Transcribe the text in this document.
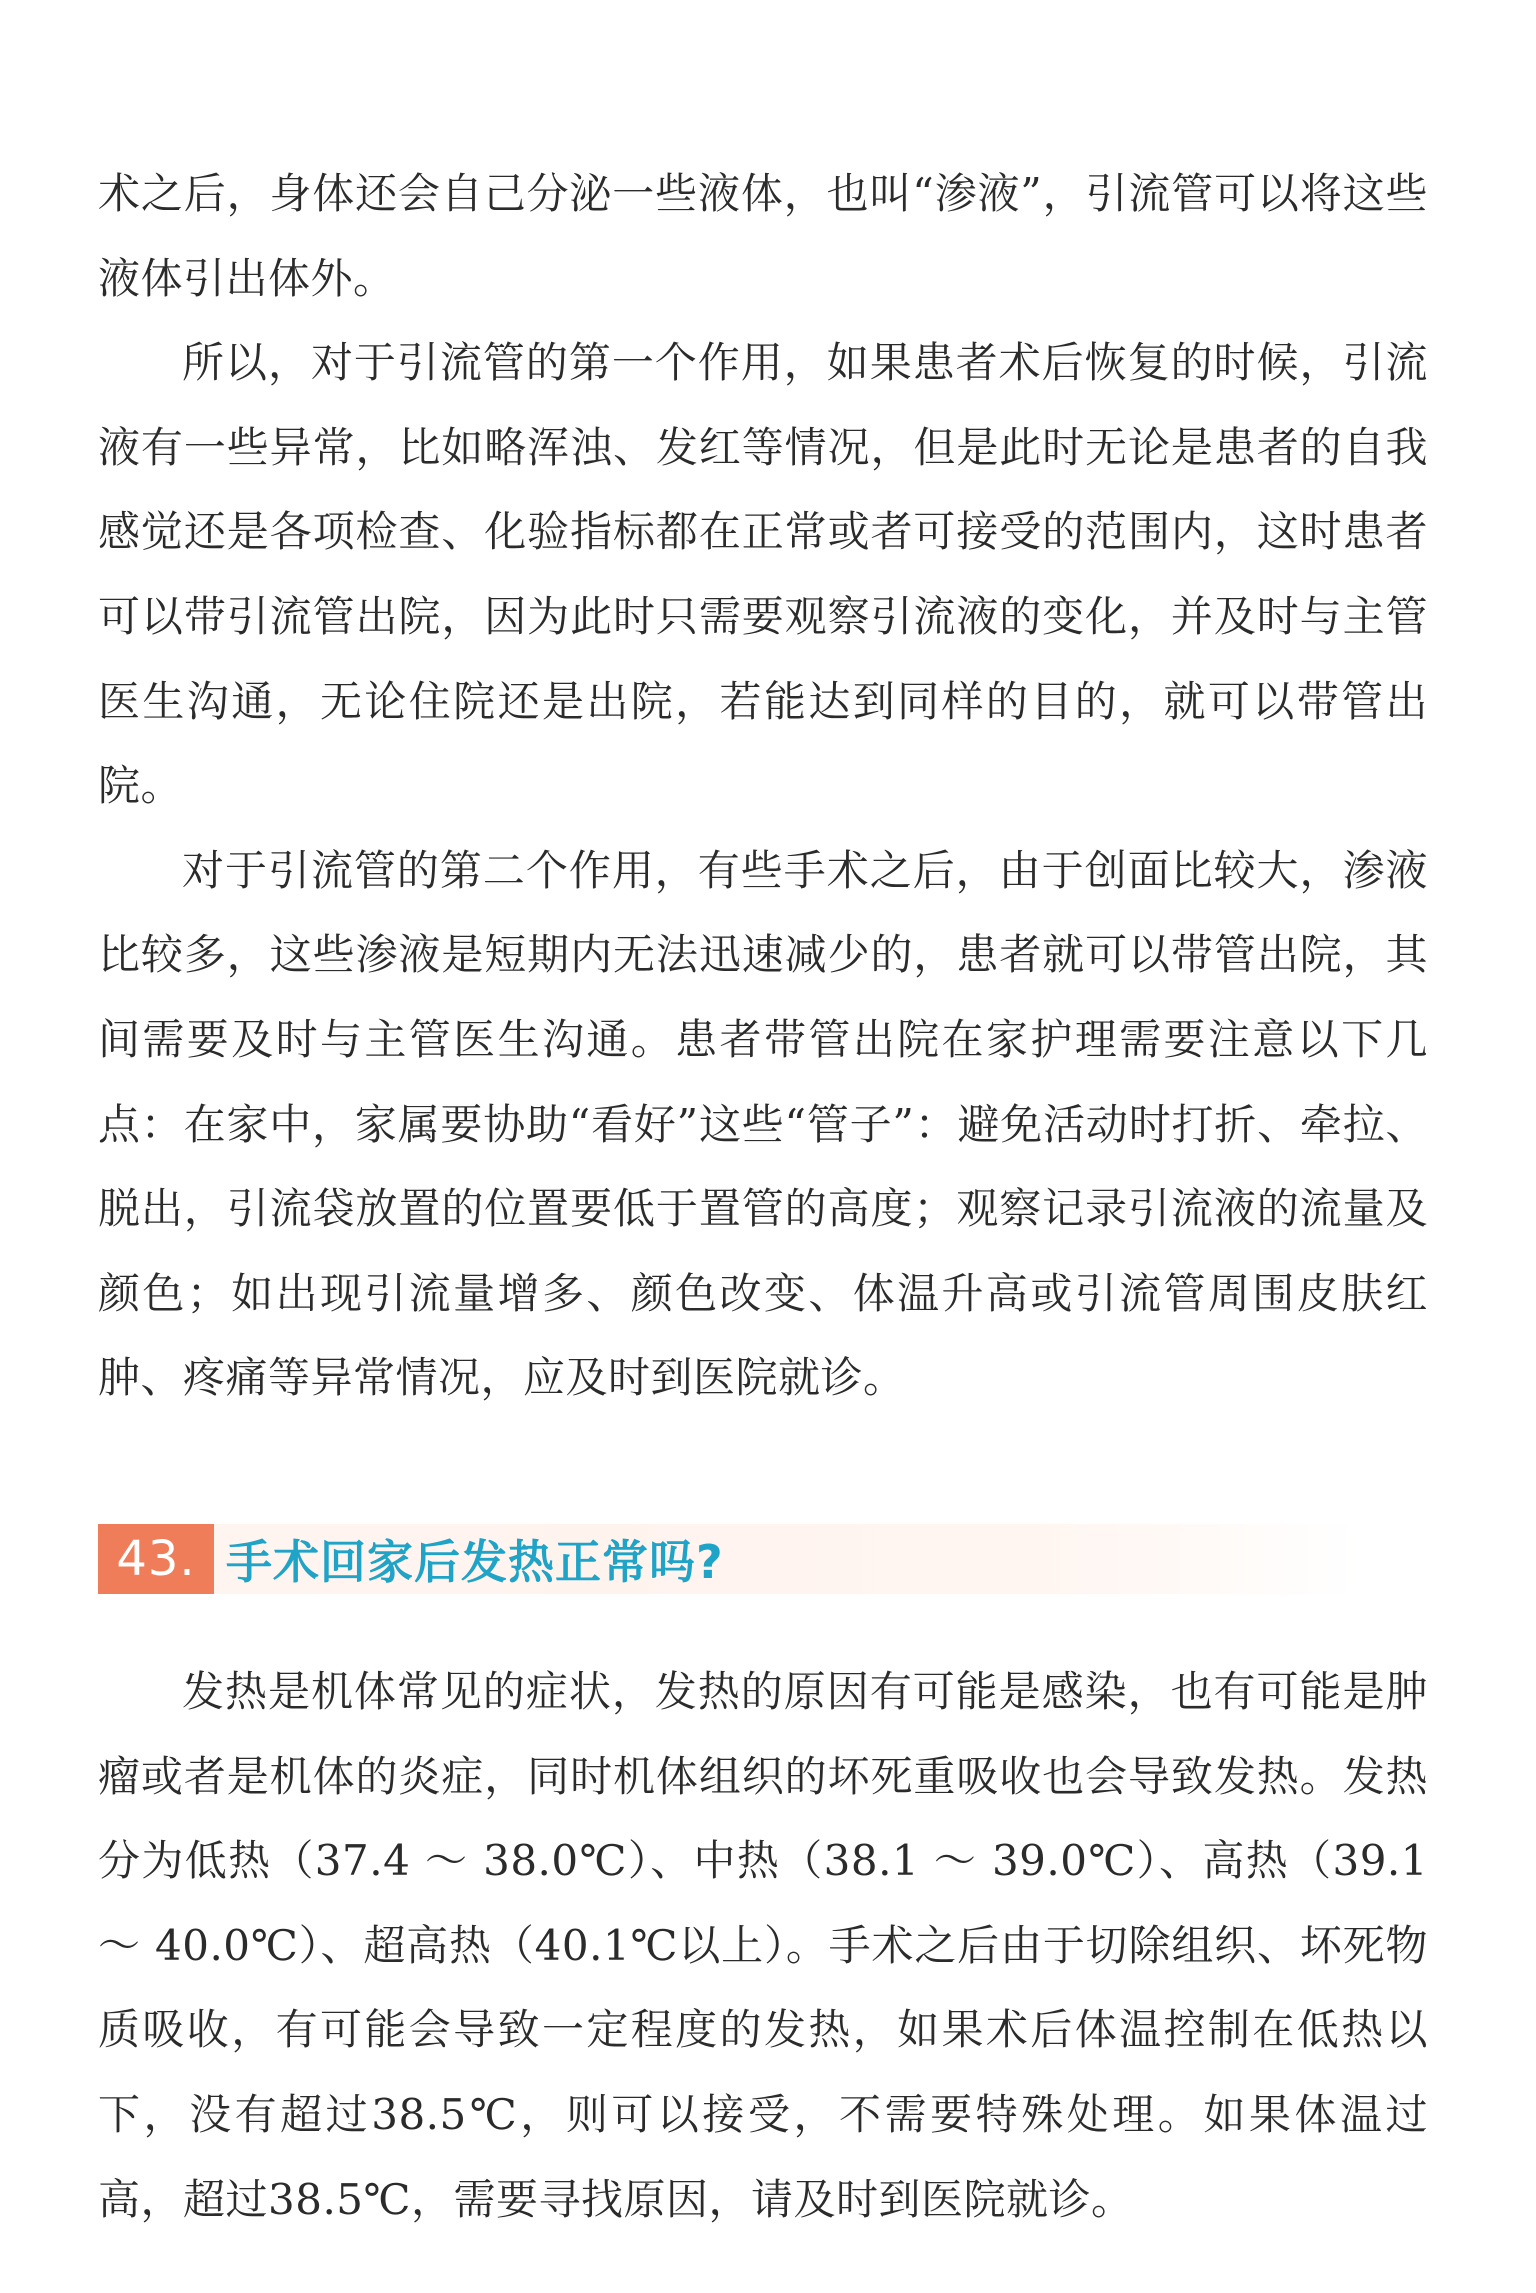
术之后，身体还会自己分泌一些液体，也叫“渗液”，引流管可以将这些液体引出体外。

所以，对于引流管的第一个作用，如果患者术后恢复的时候，引流液有一些异常，比如略浑浊、发红等情况，但是此时无论是患者的自我感觉还是各项检查、化验指标都在正常或者可接受的范围内，这时患者可以带引流管出院，因为此时只需要观察引流液的变化，并及时与主管医生沟通，无论住院还是出院，若能达到同样的目的，就可以带管出院。

对于引流管的第二个作用，有些手术之后，由于创面比较大，渗液比较多，这些渗液是短期内无法迅速减少的，患者就可以带管出院，其间需要及时与主管医生沟通。患者带管出院在家护理需要注意以下几点：在家中，家属要协助“看好”这些“管子”：避免活动时打折、牵拉、脱出，引流袋放置的位置要低于置管的高度；观察记录引流液的流量及颜色；如出现引流量增多、颜色改变、体温升高或引流管周围皮肤红肿、疼痛等异常情况，应及时到医院就诊。

43. 手术回家后发热正常吗?

发热是机体常见的症状，发热的原因有可能是感染，也有可能是肿瘤或者是机体的炎症，同时机体组织的坏死重吸收也会导致发热。发热分为低热（37.4 ～ 38.0℃）、中热（38.1 ～ 39.0℃）、高热（39.1 ～ 40.0℃）、超高热（40.1℃以上）。手术之后由于切除组织、坏死物质吸收，有可能会导致一定程度的发热，如果术后体温控制在低热以下，没有超过38.5℃，则可以接受，不需要特殊处理。如果体温过高，超过38.5℃，需要寻找原因，请及时到医院就诊。
